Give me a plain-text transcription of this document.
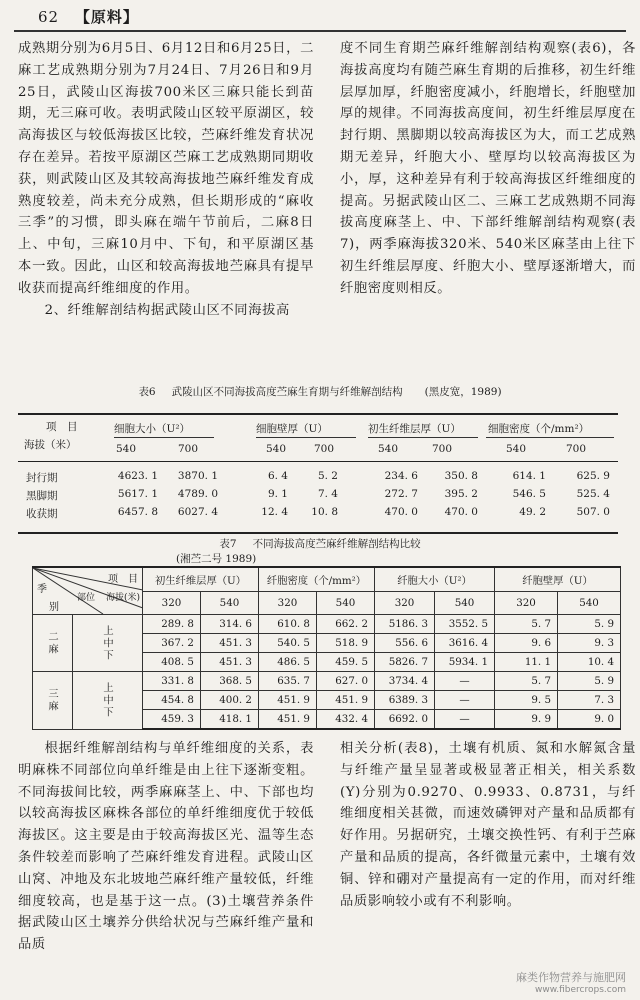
62 【原料】
成熟期分别为6月5日、6月12日和6月25日，二麻工艺成熟期分别为7月24日、7月26日和9月25日，武陵山区海拔700米区三麻只能长到苗期，无三麻可收。表明武陵山区较平原湖区，较高海拔区与较低海拔区比较，苎麻纤维发育状况存在差异。若按平原湖区苎麻工艺成熟期同期收获，则武陵山区及其较高海拔地苎麻纤维发育成熟度较差，尚未充分成熟，但长期形成的“麻收三季”的习惯，即头麻在端午节前后，二麻8日上、中旬，三麻10月中、下旬，和平原湖区基本一致。因此，山区和较高海拔地苎麻具有提早收获而提高纤维细度的作用。
2、纤维解剖结构据武陵山区不同海拔高
度不同生育期苎麻纤维解剖结构观察(表6)，各海拔高度均有随苎麻生育期的后推移，初生纤维层厚加厚，纤胞密度减小，纤胞增长，纤胞壁加厚的规律。不同海拔高度间，初生纤维层厚度在封行期、黑脚期以较高海拔区为大，而工艺成熟期无差异，纤胞大小、壁厚均以较高海拔区为小，厚，这种差异有利于较高海拔区纤维细度的提高。另据武陵山区二、三麻工艺成熟期不同海拔高度麻茎上、中、下部纤维解剖结构观察(表7)，两季麻海拔320米、540米区麻茎由上往下初生纤维层厚度、纤胞大小、壁厚逐渐增大，而纤胞密度则相反。
表6 武陵山区不同海拔高度苎麻生育期与纤维解剖结构 (黑皮宽，1989)
项　目
海拔（米）
细胞大小（U²）	细胞壁厚（U）	初生纤维层厚（U）	细胞密度（个/mm²）
540	700	540	700	540	700	540	700
封行期	4623. 1	3870. 1	6. 4	5. 2	234. 6	350. 8	614. 1	625. 9
黑脚期	5617. 1	4789. 0	9. 1	7. 4	272. 7	395. 2	546. 5	525. 4
收获期	6457. 8	6027. 4	12. 4	10. 8	470. 0	470. 0	49. 2	507. 0
表7 不同海拔高度苎麻纤维解剖结构比较
(湘苎二号 1989)
项　目
季
部位
别
海拔(米)		初生纤维层厚（U）		纤胞密度（个/mm²）		纤胞大小（U²）		纤胞壁厚（U）	
		320	540	320	540	320	540	320	540
二麻	上中下	289. 8	314. 6	610. 8	662. 2	5186. 3	3552. 5	5. 7	5. 9
		367. 2	451. 3	540. 5	518. 9	556. 6	3616. 4	9. 6	9. 3
		408. 5	451. 3	486. 5	459. 5	5826. 7	5934. 1	11. 1	10. 4
三麻	上中下	331. 8	368. 5	635. 7	627. 0	3734. 4	—	5. 7	5. 9
		454. 8	400. 2	451. 9	451. 9	6389. 3	—	9. 5	7. 3
		459. 3	418. 1	451. 9	432. 4	6692. 0	—	9. 9	9. 0
根据纤维解剖结构与单纤维细度的关系，表明麻株不同部位向单纤维是由上往下逐渐变粗。不同海拔间比较，两季麻麻茎上、中、下部也均以较高海拔区麻株各部位的单纤维细度优于较低海拔区。这主要是由于较高海拔区光、温等生态条件较差而影响了苎麻纤维发育进程。武陵山区山窝、冲地及东北坡地苎麻纤维产量较低，纤维细度较高，也是基于这一点。(3)土壤营养条件据武陵山区土壤养分供给状况与苎麻纤维产量和品质
相关分析(表8)，土壤有机质、氮和水解氮含量与纤维产量呈显著或极显著正相关，相关系数(Y)分别为0.9270、0.9933、0.8731，与纤维细度相关甚微，而速效磷钾对产量和品质都有好作用。另据研究，土壤交换性钙、有利于苎麻产量和品质的提高，各纤微量元素中，土壤有效铜、锌和硼对产量提高有一定的作用，而对纤维品质影响较小或有不利影响。
麻类作物营养与施肥网
www.fibercrops.com
